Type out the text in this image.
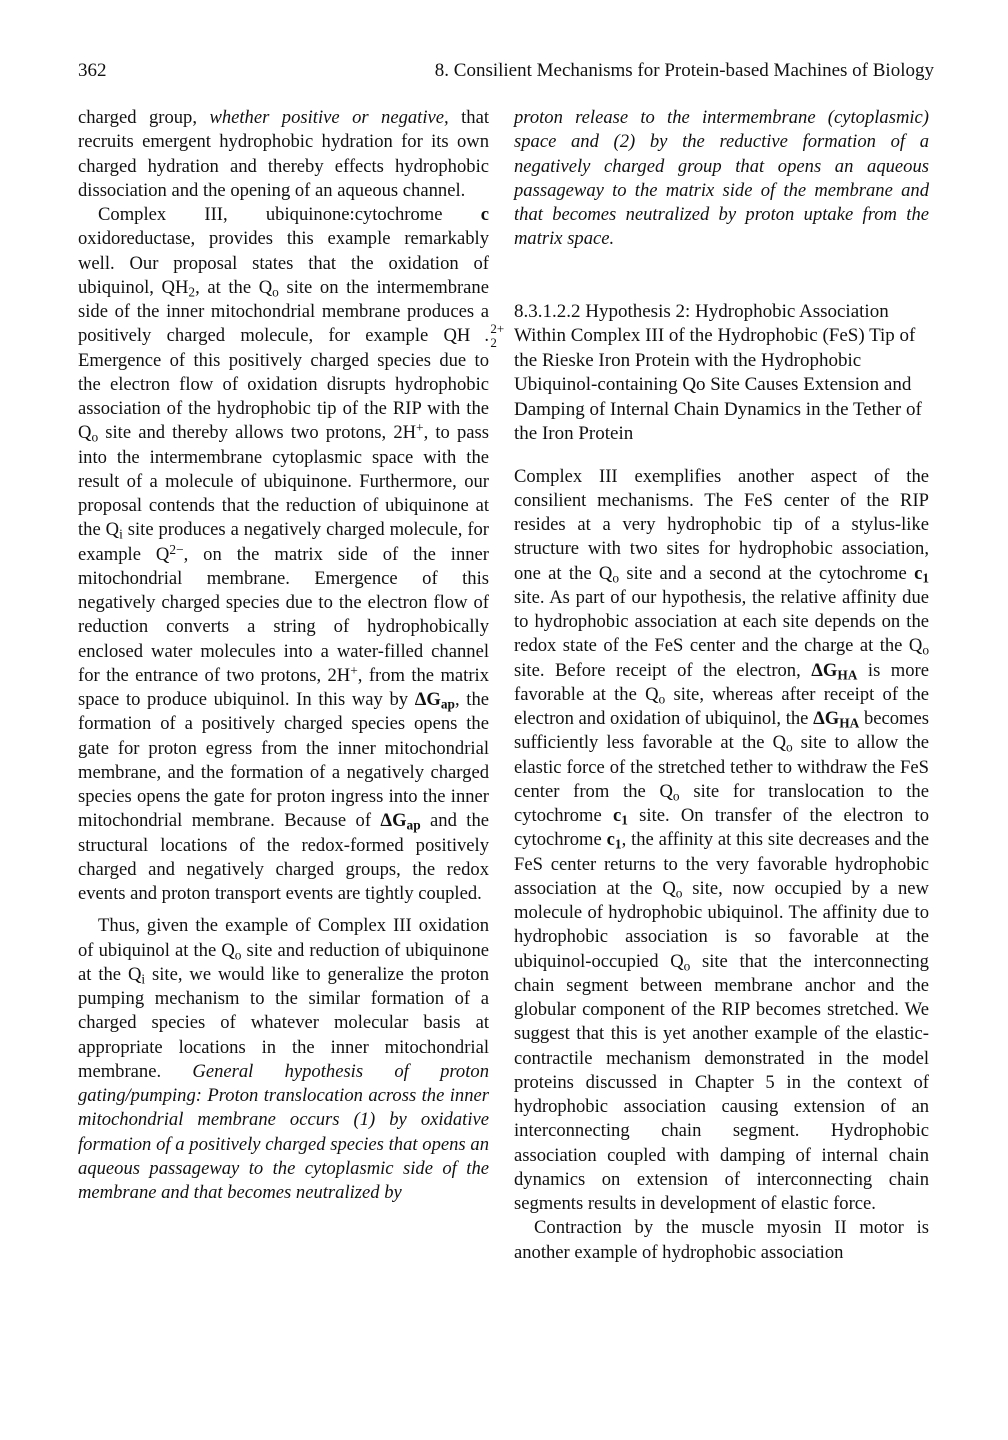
362	8. Consilient Mechanisms for Protein-based Machines of Biology

charged group, whether positive or negative, that recruits emergent hydrophobic hydration for its own charged hydration and thereby effects hydrophobic dissociation and the opening of an aqueous channel.

Complex III, ubiquinone:cytochrome c oxidoreductase, provides this example remarkably well. Our proposal states that the oxidation of ubiquinol, $QH_2$, at the $Q_o$ site on the intermembrane side of the inner mitochondrial membrane produces a positively charged molecule, for example QH	2+
2
. Emergence of this positively charged species due to the electron flow of oxidation disrupts hydrophobic association of the hydrophobic tip of the RIP with the $Q_o$ site and thereby allows two protons, 2H+, to pass into the intermembrane cytoplasmic space with the result of a molecule of ubiquinone. Furthermore, our proposal contends that the reduction of ubiquinone at the $Q_i$ site produces a negatively charged molecule, for example $Q^{2-}$, on the matrix side of the inner mitochondrial membrane. Emergence of this negatively charged species due to the electron flow of reduction converts a string of hydrophobically enclosed water molecules into a water-filled channel for the entrance of two protons, 2H+, from the matrix space to produce ubiquinol. In this way by $\Delta G_{ap}$, the formation of a positively charged species opens the gate for proton egress from the inner mitochondrial membrane, and the formation of a negatively charged species opens the gate for proton ingress into the inner mitochondrial membrane. Because of $\Delta G_{ap}$ and the structural locations of the redox-formed positively charged and negatively charged groups, the redox events and proton transport events are tightly coupled.

Thus, given the example of Complex III oxidation of ubiquinol at the $Q_o$ site and reduction of ubiquinone at the $Q_i$ site, we would like to generalize the proton pumping mechanism to the similar formation of a charged species of whatever molecular basis at appropriate locations in the inner mitochondrial membrane. General hypothesis of proton gating/pumping: Proton translocation across the inner mitochondrial membrane occurs (1) by oxidative formation of a positively charged species that opens an aqueous passageway to the cytoplasmic side of the membrane and that becomes neutralized by

proton release to the intermembrane (cytoplasmic) space and (2) by the reductive formation of a negatively charged group that opens an aqueous passageway to the matrix side of the membrane and that becomes neutralized by proton uptake from the matrix space.

8.3.1.2.2 Hypothesis 2: Hydrophobic Association Within Complex III of the Hydrophobic (FeS) Tip of the Rieske Iron Protein with the Hydrophobic Ubiquinol-containing Qo Site Causes Extension and Damping of Internal Chain Dynamics in the Tether of the Iron Protein

Complex III exemplifies another aspect of the consilient mechanisms. The FeS center of the RIP resides at a very hydrophobic tip of a stylus-like structure with two sites for hydrophobic association, one at the $Q_o$ site and a second at the cytochrome $c_1$ site. As part of our hypothesis, the relative affinity due to hydrophobic association at each site depends on the redox state of the FeS center and the charge at the $Q_o$ site. Before receipt of the electron, $\Delta G_{HA}$ is more favorable at the $Q_o$ site, whereas after receipt of the electron and oxidation of ubiquinol, the $\Delta G_{HA}$ becomes sufficiently less favorable at the $Q_o$ site to allow the elastic force of the stretched tether to withdraw the FeS center from the $Q_o$ site for translocation to the cytochrome $c_1$ site. On transfer of the electron to cytochrome $c_1$, the affinity at this site decreases and the FeS center returns to the very favorable hydrophobic association at the $Q_o$ site, now occupied by a new molecule of hydrophobic ubiquinol. The affinity due to hydrophobic association is so favorable at the ubiquinol-occupied $Q_o$ site that the interconnecting chain segment between membrane anchor and the globular component of the RIP becomes stretched. We suggest that this is yet another example of the elastic-contractile mechanism demonstrated in the model proteins discussed in Chapter 5 in the context of hydrophobic association causing extension of an interconnecting chain segment. Hydrophobic association coupled with damping of internal chain dynamics on extension of interconnecting chain segments results in development of elastic force.

Contraction by the muscle myosin II motor is another example of hydrophobic association
